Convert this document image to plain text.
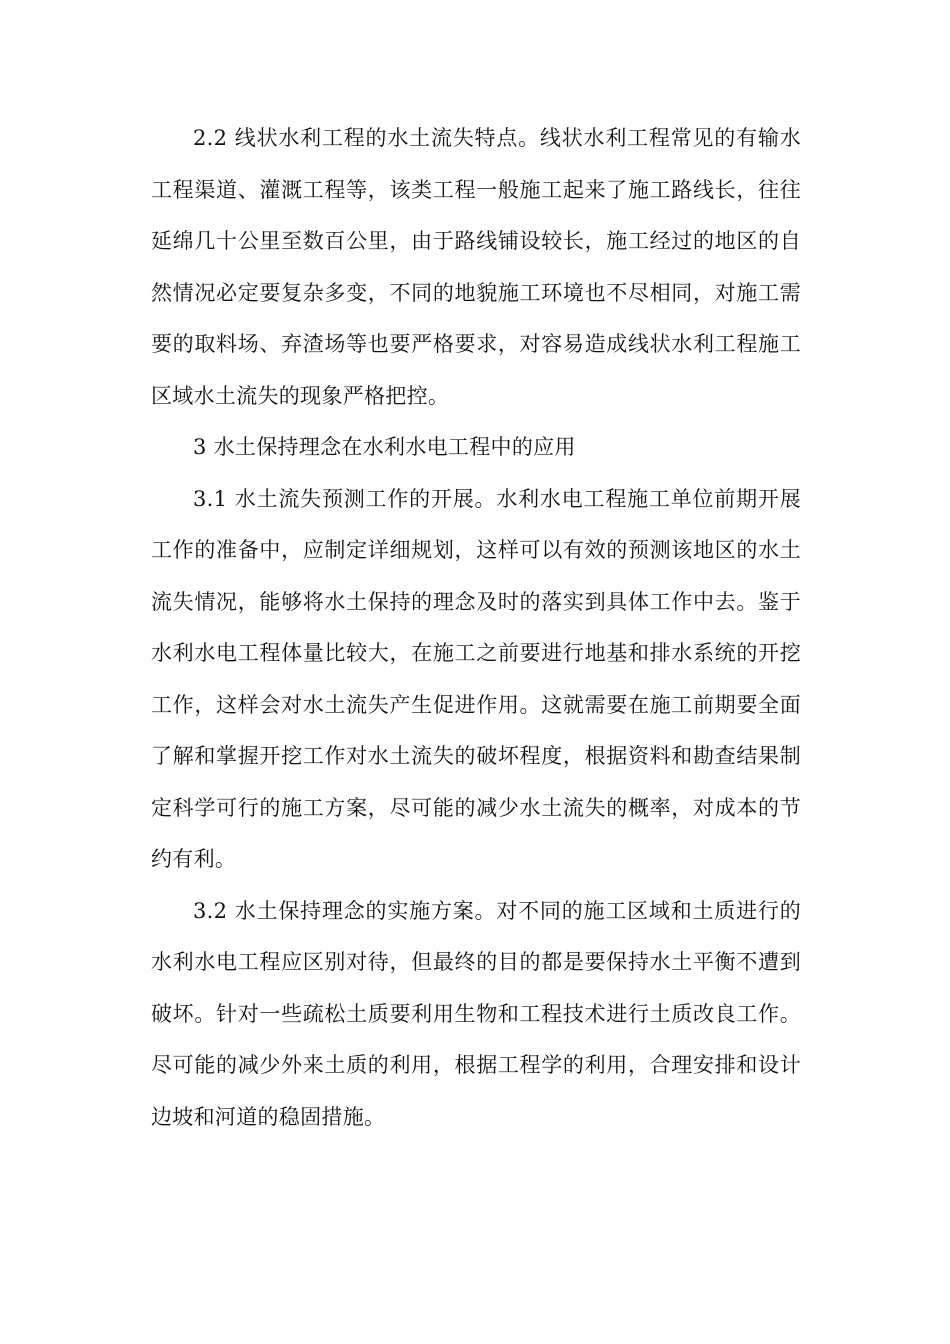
2.2 线状水利工程的水土流失特点。线状水利工程常见的有输水工程渠道、灌溉工程等，该类工程一般施工起来了施工路线长，往往延绵几十公里至数百公里，由于路线铺设较长，施工经过的地区的自然情况必定要复杂多变，不同的地貌施工环境也不尽相同，对施工需要的取料场、弃渣场等也要严格要求，对容易造成线状水利工程施工区域水土流失的现象严格把控。

3 水土保持理念在水利水电工程中的应用

3.1 水土流失预测工作的开展。水利水电工程施工单位前期开展工作的准备中，应制定详细规划，这样可以有效的预测该地区的水土流失情况，能够将水土保持的理念及时的落实到具体工作中去。鉴于水利水电工程体量比较大，在施工之前要进行地基和排水系统的开挖工作，这样会对水土流失产生促进作用。这就需要在施工前期要全面了解和掌握开挖工作对水土流失的破坏程度，根据资料和勘查结果制定科学可行的施工方案，尽可能的减少水土流失的概率，对成本的节约有利。

3.2 水土保持理念的实施方案。对不同的施工区域和土质进行的水利水电工程应区别对待，但最终的目的都是要保持水土平衡不遭到破坏。针对一些疏松土质要利用生物和工程技术进行土质改良工作。尽可能的减少外来土质的利用，根据工程学的利用，合理安排和设计边坡和河道的稳固措施。
